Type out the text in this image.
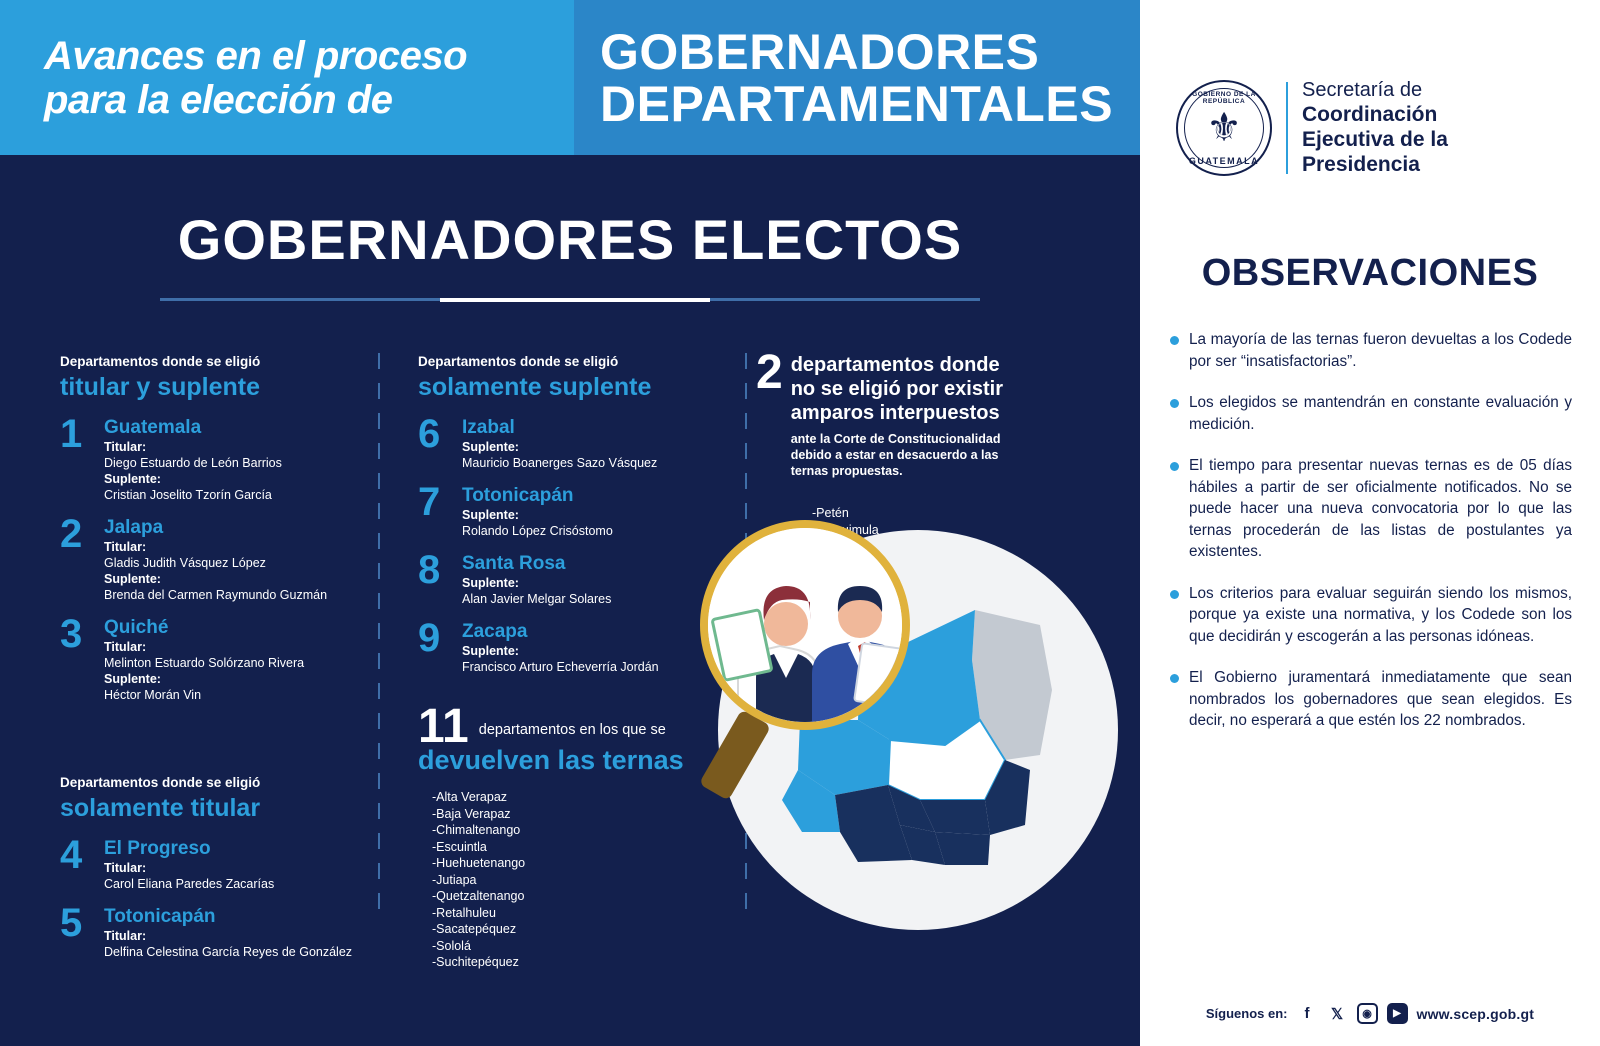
Avances en el proceso
para la elección de
GOBERNADORES
DEPARTAMENTALES
GOBERNADORES ELECTOS
Departamentos donde se eligió
titular y suplente
1	Guatemala
Titular:
Diego Estuardo de León Barrios
Suplente:
Cristian Joselito Tzorín García
2	Jalapa
Titular:
Gladis Judith Vásquez López
Suplente:
Brenda del Carmen Raymundo Guzmán
3	Quiché
Titular:
Melinton Estuardo Solórzano Rivera
Suplente:
Héctor Morán Vin
Departamentos donde se eligió
solamente titular
4	El Progreso
Titular:
Carol Eliana Paredes Zacarías
5	Totonicapán
Titular:
Delfina Celestina García Reyes de González
Departamentos donde se eligió
solamente suplente
6	Izabal
Suplente:
Mauricio Boanerges Sazo Vásquez
7	Totonicapán
Suplente:
Rolando López Crisóstomo
8	Santa Rosa
Suplente:
Alan Javier Melgar Solares
9	Zacapa
Suplente:
Francisco Arturo Echeverría Jordán
11 departamentos en los que se
devuelven las ternas
-Alta Verapaz
-Baja Verapaz
-Chimaltenango
-Escuintla
-Huehuetenango
-Jutiapa
-Quetzaltenango
-Retalhuleu
-Sacatepéquez
-Sololá
-Suchitepéquez
2 departamentos donde
no se eligió por existir
amparos interpuestos
ante la Corte de Constitucionalidad
debido a estar en desacuerdo a las
ternas propuestas.
-Petén
GOBIERNO DE LA REPÚBLICA
⚜
GUATEMALA
Secretaría de
Coordinación
Ejecutiva de la
Presidencia
OBSERVACIONES
La mayoría de las ternas fueron devueltas a los Codede por ser “insatisfactorias”.
Los elegidos se mantendrán en constante evaluación y medición.
El tiempo para presentar nuevas ternas es de 05 días hábiles a partir de ser oficialmente notificados. No se puede hacer una nueva convocatoria por lo que las ternas procederán de las listas de postulantes ya existentes.
Los criterios para evaluar seguirán siendo los mismos, porque ya existe una normativa, y los Codede son los que decidirán y escogerán a las personas idóneas.
El Gobierno juramentará inmediatamente que sean nombrados los gobernadores que sean elegidos. Es decir, no esperará a que estén los 22 nombrados.
Síguenos en:	f	𝕏	◉	▶	www.scep.gob.gt
